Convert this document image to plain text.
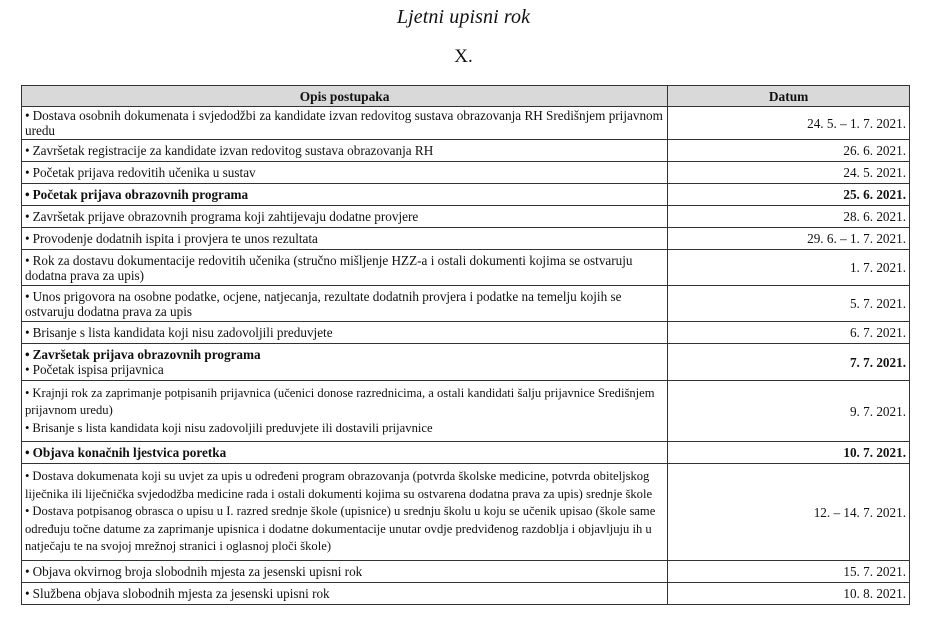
Ljetni upisni rok
X.
Opis postupaka	Datum

• Dostava osobnih dokumenata i svjedodžbi za kandidate izvan redovitog sustava obrazovanja RH Središnjem prijavnom uredu	24. 5. – 1. 7. 2021.

• Završetak registracije za kandidate izvan redovitog sustava obrazovanja RH	26. 6. 2021.

• Početak prijava redovitih učenika u sustav	24. 5. 2021.

• Početak prijava obrazovnih programa	25. 6. 2021.

• Završetak prijave obrazovnih programa koji zahtijevaju dodatne provjere	28. 6. 2021.

• Provodenje dodatnih ispita i provjera te unos rezultata	29. 6. – 1. 7. 2021.

• Rok za dostavu dokumentacije redovitih učenika (stručno mišljenje HZZ-a i ostali dokumenti kojima se ostvaruju dodatna prava za upis)	1. 7. 2021.

• Unos prigovora na osobne podatke, ocjene, natjecanja, rezultate dodatnih provjera i podatke na temelju kojih se ostvaruju dodatna prava za upis	5. 7. 2021.

• Brisanje s lista kandidata koji nisu zadovoljili preduvjete	6. 7. 2021.

• Završetak prijava obrazovnih programa
• Početak ispisa prijavnica	7. 7. 2021.

• Krajnji rok za zaprimanje potpisanih prijavnica (učenici donose razrednicima, a ostali kandidati šalju prijavnice Središnjem prijavnom uredu)
• Brisanje s lista kandidata koji nisu zadovoljili preduvjete ili dostavili prijavnice	9. 7. 2021.

• Objava konačnih ljestvica poretka	10. 7. 2021.

• Dostava dokumenata koji su uvjet za upis u određeni program obrazovanja (potvrda školske medicine, potvrda obiteljskog liječnika ili liječnička svjedodžba medicine rada i ostali dokumenti kojima su ostvarena dodatna prava za upis) srednje škole
• Dostava potpisanog obrasca o upisu u I. razred srednje škole (upisnice) u srednju školu u koju se učenik upisao (škole same određuju točne datume za zaprimanje upisnica i dodatne dokumentacije unutar ovdje predviđenog razdoblja i objavljuju ih u natječaju te na svojoj mrežnoj stranici i oglasnoj ploči škole)	12. – 14. 7. 2021.

• Objava okvirnog broja slobodnih mjesta za jesenski upisni rok	15. 7. 2021.

• Službena objava slobodnih mjesta za jesenski upisni rok	10. 8. 2021.
